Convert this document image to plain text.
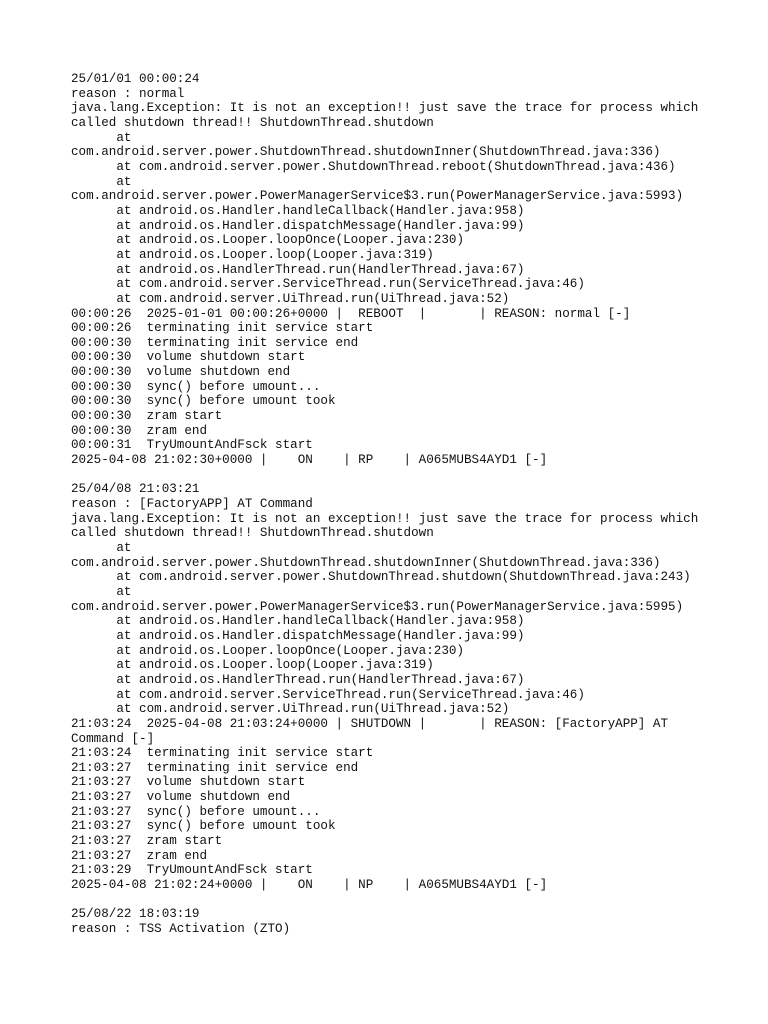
25/01/01 00:00:24
reason : normal
java.lang.Exception: It is not an exception!! just save the trace for process which called shutdown thread!! ShutdownThread.shutdown
at
com.android.server.power.ShutdownThread.shutdownInner(ShutdownThread.java:336)
at com.android.server.power.ShutdownThread.reboot(ShutdownThread.java:436)
at
com.android.server.power.PowerManagerService$3.run(PowerManagerService.java:5993)
at android.os.Handler.handleCallback(Handler.java:958)
at android.os.Handler.dispatchMessage(Handler.java:99)
at android.os.Looper.loopOnce(Looper.java:230)
at android.os.Looper.loop(Looper.java:319)
at android.os.HandlerThread.run(HandlerThread.java:67)
at com.android.server.ServiceThread.run(ServiceThread.java:46)
at com.android.server.UiThread.run(UiThread.java:52)
00:00:26  2025-01-01 00:00:26+0000 |  REBOOT  |       | REASON: normal [-]
00:00:26  terminating init service start
00:00:30  terminating init service end
00:00:30  volume shutdown start
00:00:30  volume shutdown end
00:00:30  sync() before umount...
00:00:30  sync() before umount took
00:00:30  zram start
00:00:30  zram end
00:00:31  TryUmountAndFsck start
2025-04-08 21:02:30+0000 |    ON    | RP    | A065MUBS4AYD1 [-]
25/04/08 21:03:21
reason : [FactoryAPP] AT Command
java.lang.Exception: It is not an exception!! just save the trace for process which called shutdown thread!! ShutdownThread.shutdown
at
com.android.server.power.ShutdownThread.shutdownInner(ShutdownThread.java:336)
at com.android.server.power.ShutdownThread.shutdown(ShutdownThread.java:243)
at
com.android.server.power.PowerManagerService$3.run(PowerManagerService.java:5995)
at android.os.Handler.handleCallback(Handler.java:958)
at android.os.Handler.dispatchMessage(Handler.java:99)
at android.os.Looper.loopOnce(Looper.java:230)
at android.os.Looper.loop(Looper.java:319)
at android.os.HandlerThread.run(HandlerThread.java:67)
at com.android.server.ServiceThread.run(ServiceThread.java:46)
at com.android.server.UiThread.run(UiThread.java:52)
21:03:24  2025-04-08 21:03:24+0000 | SHUTDOWN |       | REASON: [FactoryAPP] AT Command [-]
21:03:24  terminating init service start
21:03:27  terminating init service end
21:03:27  volume shutdown start
21:03:27  volume shutdown end
21:03:27  sync() before umount...
21:03:27  sync() before umount took
21:03:27  zram start
21:03:27  zram end
21:03:29  TryUmountAndFsck start
2025-04-08 21:02:24+0000 |    ON    | NP    | A065MUBS4AYD1 [-]
25/08/22 18:03:19
reason : TSS Activation (ZTO)
